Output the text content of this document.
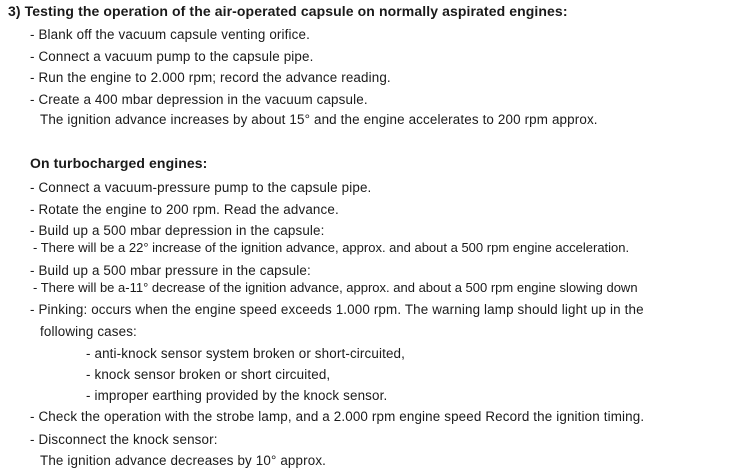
3) Testing the operation of the air-operated capsule on normally aspirated engines:
- Blank off the vacuum capsule venting orifice.
- Connect a vacuum pump to the capsule pipe.
- Run the engine to 2.000 rpm; record the advance reading.
- Create a 400 mbar depression in the vacuum capsule.
The ignition advance increases by about 15° and the engine accelerates to 200 rpm approx.
On turbocharged engines:
- Connect a vacuum-pressure pump to the capsule pipe.
- Rotate the engine to 200 rpm. Read the advance.
- Build up a 500 mbar depression in the capsule:
- There will be a 22° increase of the ignition advance, approx. and about a 500 rpm engine acceleration.
- Build up a 500 mbar pressure in the capsule:
- There will be a-11° decrease of the ignition advance, approx. and about a 500 rpm engine slowing down
- Pinking: occurs when the engine speed exceeds 1.000 rpm. The warning lamp should light up in the
following cases:
- anti-knock sensor system broken or short-circuited,
- knock sensor broken or short circuited,
- improper earthing provided by the knock sensor.
- Check the operation with the strobe lamp, and a 2.000 rpm engine speed Record the ignition timing.
- Disconnect the knock sensor:
The ignition advance decreases by 10° approx.
